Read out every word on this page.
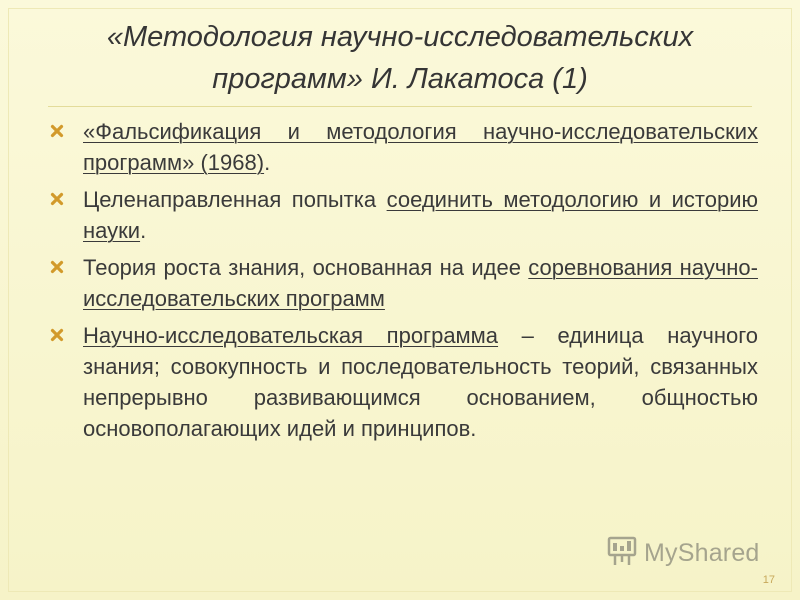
«Методология научно-исследовательских программ» И. Лакатоса (1)
«Фальсификация и методология научно-исследовательских программ» (1968).
Целенаправленная попытка соединить методологию и историю науки.
Теория роста знания, основанная на идее соревнования научно- исследовательских программ
Научно-исследовательская программа – единица научного знания; совокупность и последовательность теорий, связанных непрерывно развивающимся основанием, общностью основополагающих идей и принципов.
MyShared
17
